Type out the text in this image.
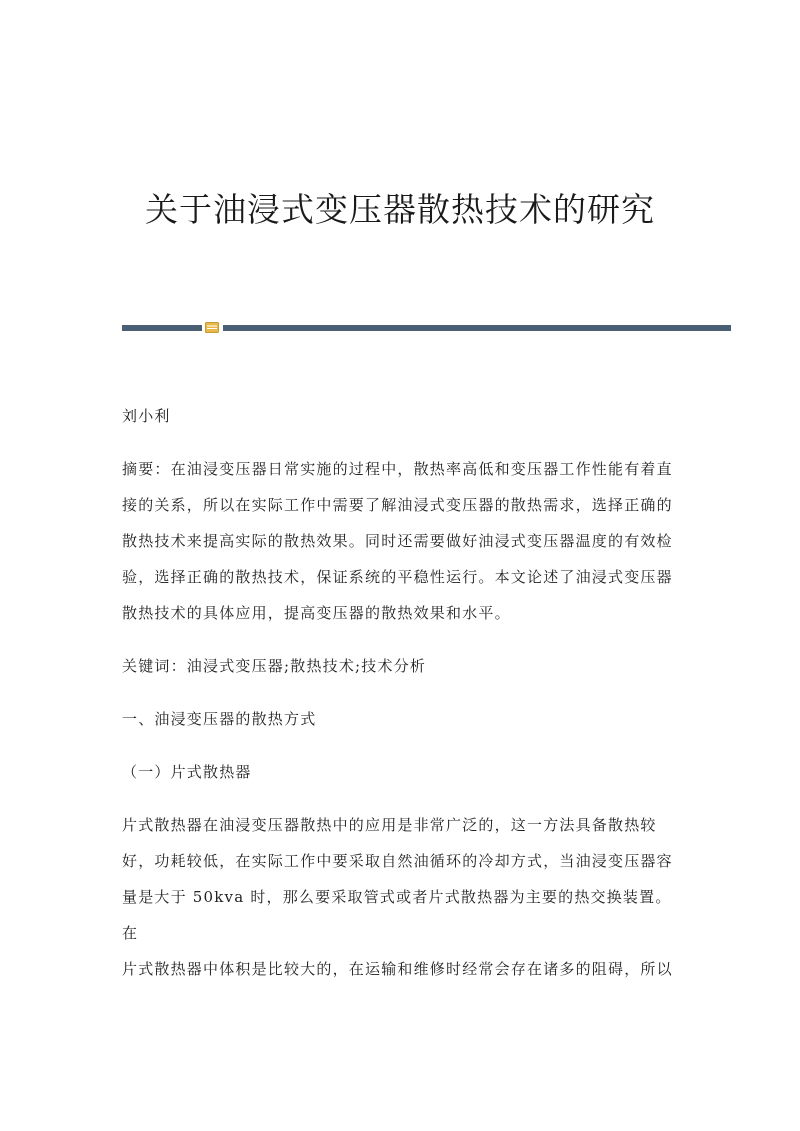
关于油浸式变压器散热技术的研究

刘小利

摘要：在油浸变压器日常实施的过程中，散热率高低和变压器工作性能有着直

接的关系，所以在实际工作中需要了解油浸式变压器的散热需求，选择正确的

散热技术来提高实际的散热效果。同时还需要做好油浸式变压器温度的有效检

验，选择正确的散热技术，保证系统的平稳性运行。本文论述了油浸式变压器

散热技术的具体应用，提高变压器的散热效果和水平。

关键词：油浸式变压器;散热技术;技术分析

一、油浸变压器的散热方式

（一）片式散热器

片式散热器在油浸变压器散热中的应用是非常广泛的，这一方法具备散热较

好，功耗较低，在实际工作中要采取自然油循环的冷却方式，当油浸变压器容

量是大于 50kva 时，那么要采取管式或者片式散热器为主要的热交换装置。在

片式散热器中体积是比较大的，在运输和维修时经常会存在诸多的阻碍，所以
